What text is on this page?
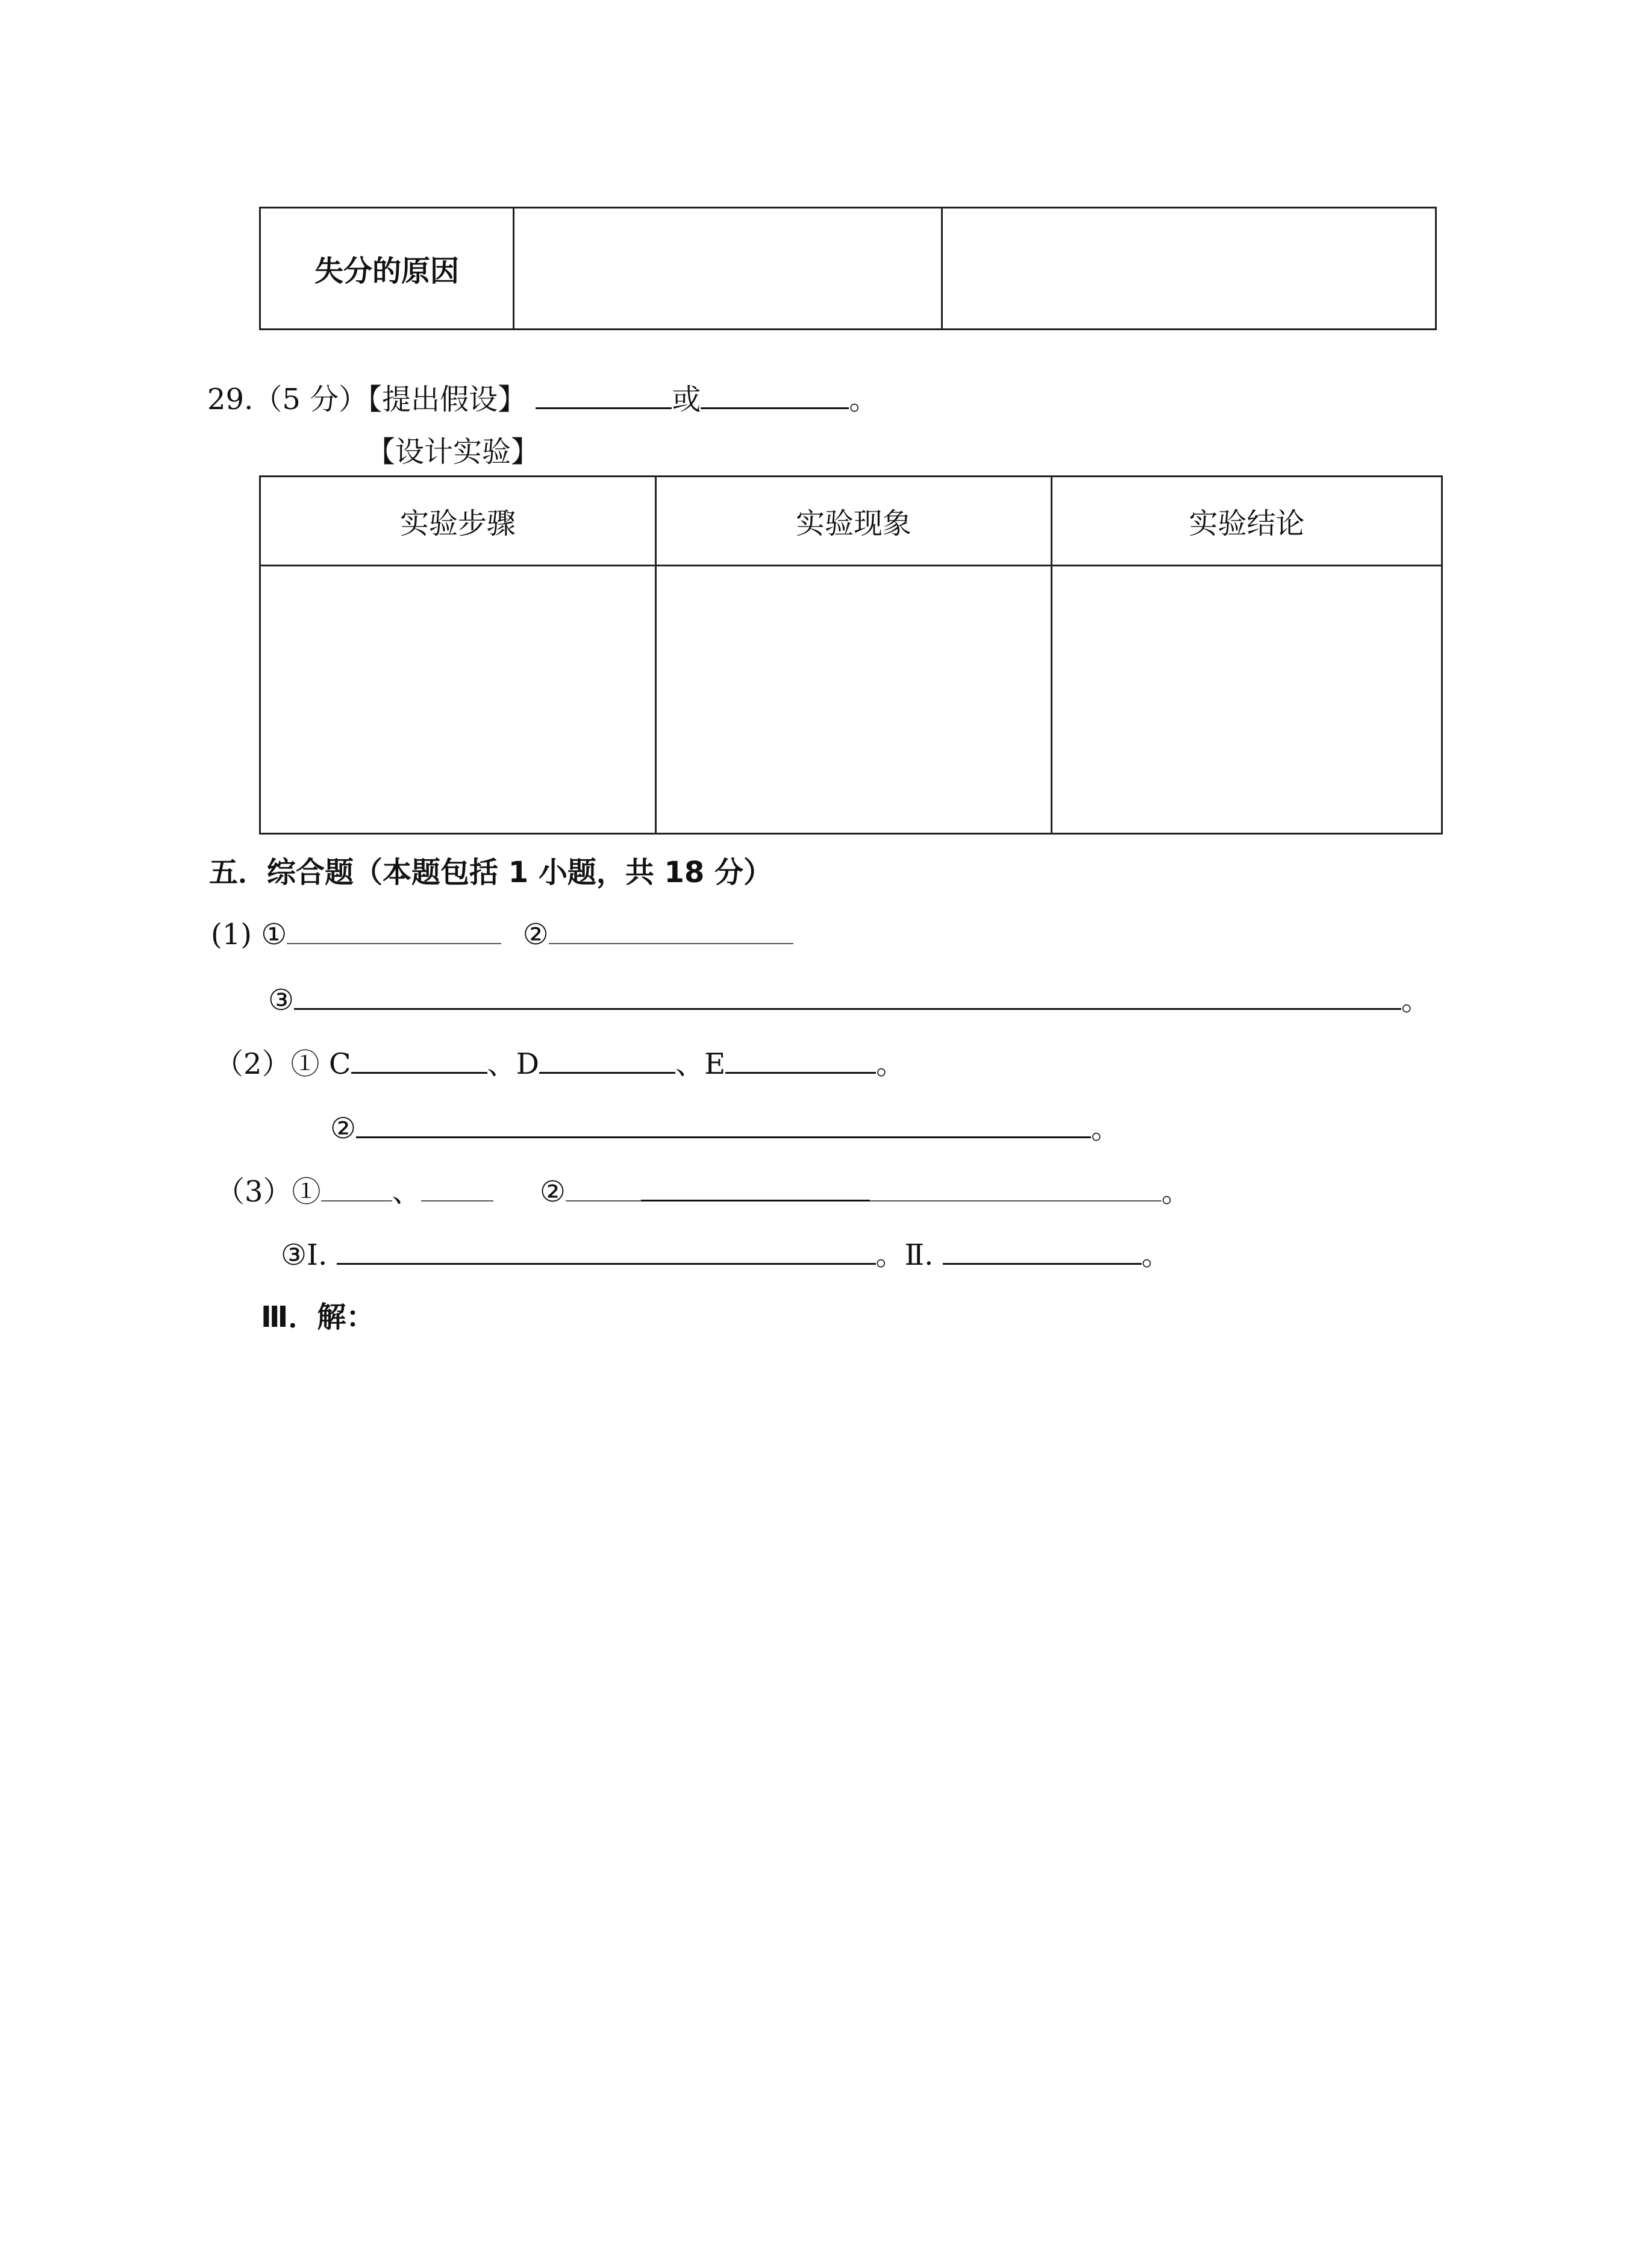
失分的原因		
29.（5 分）【提出假设】	或	。
【设计实验】
实验步骤	实验现象	实验结论

五．综合题（本题包括 1 小题，共 18 分）
(1) ①	②
③	。
（2）① C	、D	、E	。
②	。
（3）① 、	②	。
③Ⅰ.	。Ⅱ.	。
Ⅲ．解：
